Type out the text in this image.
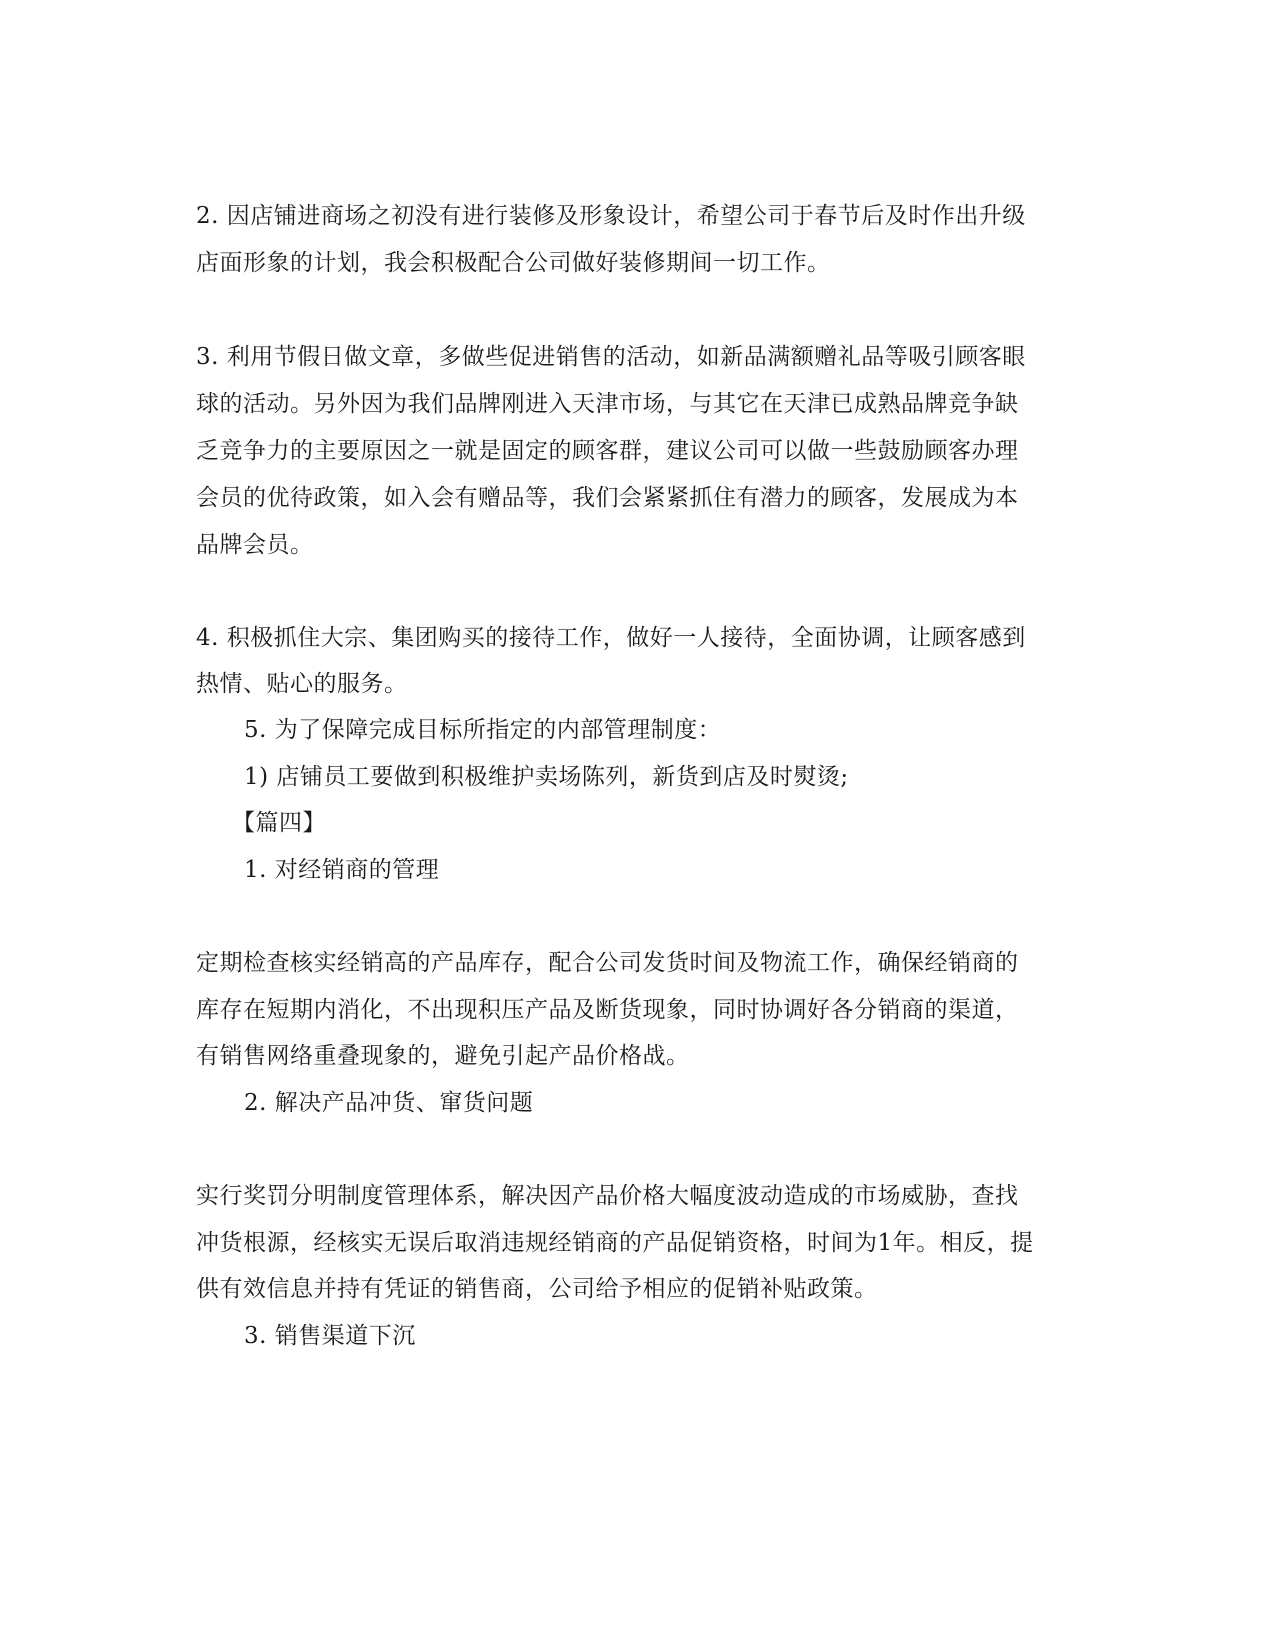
2. 因店铺进商场之初没有进行装修及形象设计，希望公司于春节后及时作出升级
店面形象的计划，我会积极配合公司做好装修期间一切工作。
3. 利用节假日做文章，多做些促进销售的活动，如新品满额赠礼品等吸引顾客眼
球的活动。另外因为我们品牌刚进入天津市场，与其它在天津已成熟品牌竞争缺
乏竞争力的主要原因之一就是固定的顾客群，建议公司可以做一些鼓励顾客办理
会员的优待政策，如入会有赠品等，我们会紧紧抓住有潜力的顾客，发展成为本
品牌会员。
4. 积极抓住大宗、集团购买的接待工作，做好一人接待，全面协调，让顾客感到
热情、贴心的服务。
5. 为了保障完成目标所指定的内部管理制度：
1) 店铺员工要做到积极维护卖场陈列，新货到店及时熨烫;
【篇四】
1. 对经销商的管理
定期检查核实经销高的产品库存，配合公司发货时间及物流工作，确保经销商的
库存在短期内消化，不出现积压产品及断货现象，同时协调好各分销商的渠道，
有销售网络重叠现象的，避免引起产品价格战。
2. 解决产品冲货、窜货问题
实行奖罚分明制度管理体系，解决因产品价格大幅度波动造成的市场威胁，查找
冲货根源，经核实无误后取消违规经销商的产品促销资格，时间为1年。相反，提
供有效信息并持有凭证的销售商，公司给予相应的促销补贴政策。
3. 销售渠道下沉
